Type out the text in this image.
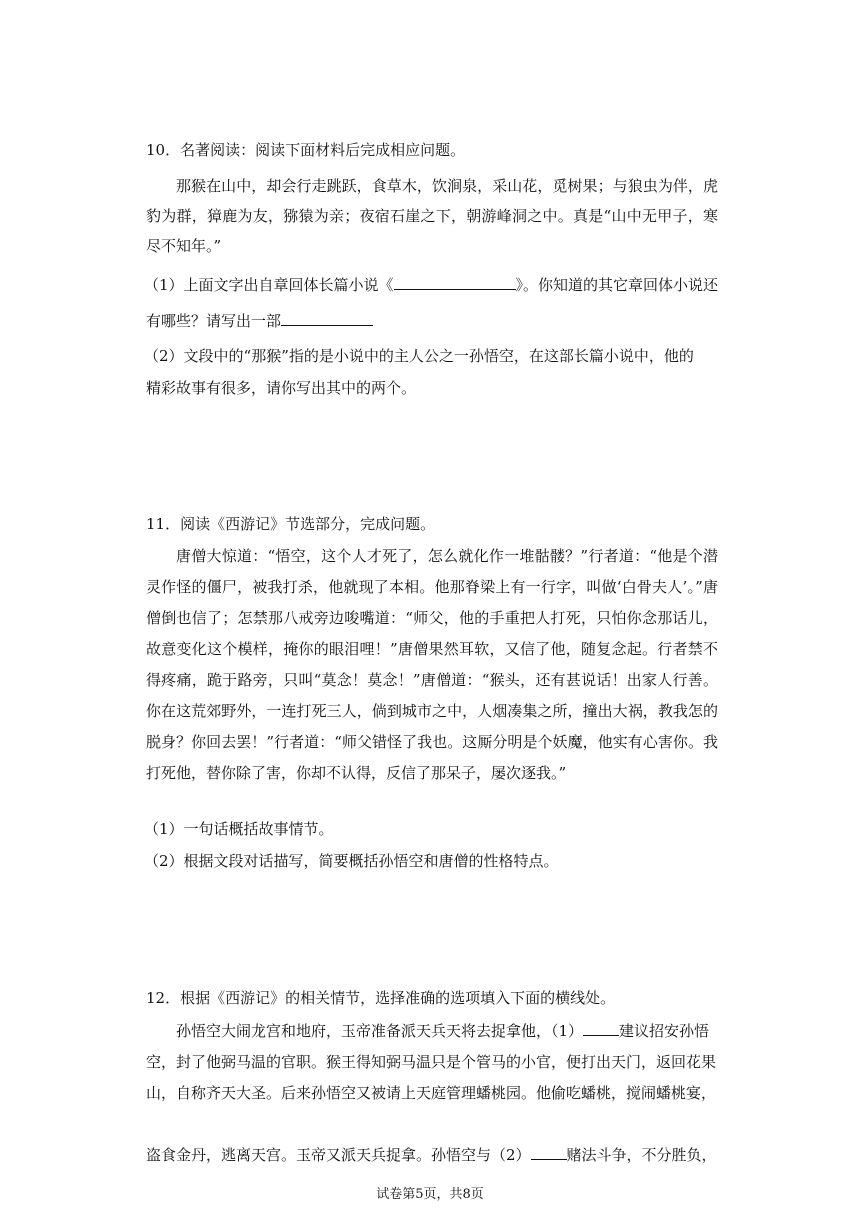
10．名著阅读：阅读下面材料后完成相应问题。
那猴在山中，却会行走跳跃，食草木，饮涧泉，采山花，觅树果；与狼虫为伴，虎豹为群，獐鹿为友，猕猿为亲；夜宿石崖之下，朝游峰洞之中。真是“山中无甲子，寒尽不知年。”
（1）上面文字出自章回体长篇小说《	》。你知道的其它章回体小说还
有哪些？请写出一部
（2）文段中的“那猴”指的是小说中的主人公之一孙悟空，在这部长篇小说中，他的
精彩故事有很多，请你写出其中的两个。
11．阅读《西游记》节选部分，完成问题。
唐僧大惊道：“悟空，这个人才死了，怎么就化作一堆骷髅？”行者道：“他是个潜灵作怪的僵尸，被我打杀，他就现了本相。他那脊梁上有一行字，叫做‘白骨夫人’。”唐僧倒也信了；怎禁那八戒旁边唆嘴道：“师父，他的手重把人打死，只怕你念那话儿，故意变化这个模样，掩你的眼泪哩！”唐僧果然耳软，又信了他，随复念起。行者禁不得疼痛，跪于路旁，只叫“莫念！莫念！”唐僧道：“猴头，还有甚说话！出家人行善。你在这荒郊野外，一连打死三人，倘到城市之中，人烟凑集之所，撞出大祸，教我怎的脱身？你回去罢！”行者道：“师父错怪了我也。这厮分明是个妖魔，他实有心害你。我打死他，替你除了害，你却不认得，反信了那呆子，屡次逐我。”
（1）一句话概括故事情节。
（2）根据文段对话描写，简要概括孙悟空和唐僧的性格特点。
12．根据《西游记》的相关情节，选择准确的选项填入下面的横线处。
孙悟空大闹龙宫和地府，玉帝准备派天兵天将去捉拿他，（1） 建议招安孙悟
空，封了他弼马温的官职。猴王得知弼马温只是个管马的小官，便打出天门，返回花果
山，自称齐天大圣。后来孙悟空又被请上天庭管理蟠桃园。他偷吃蟠桃，搅闹蟠桃宴，
盗食金丹，逃离天宫。玉帝又派天兵捉拿。孙悟空与（2） 赌法斗争，不分胜负，
试卷第5页，共8页
